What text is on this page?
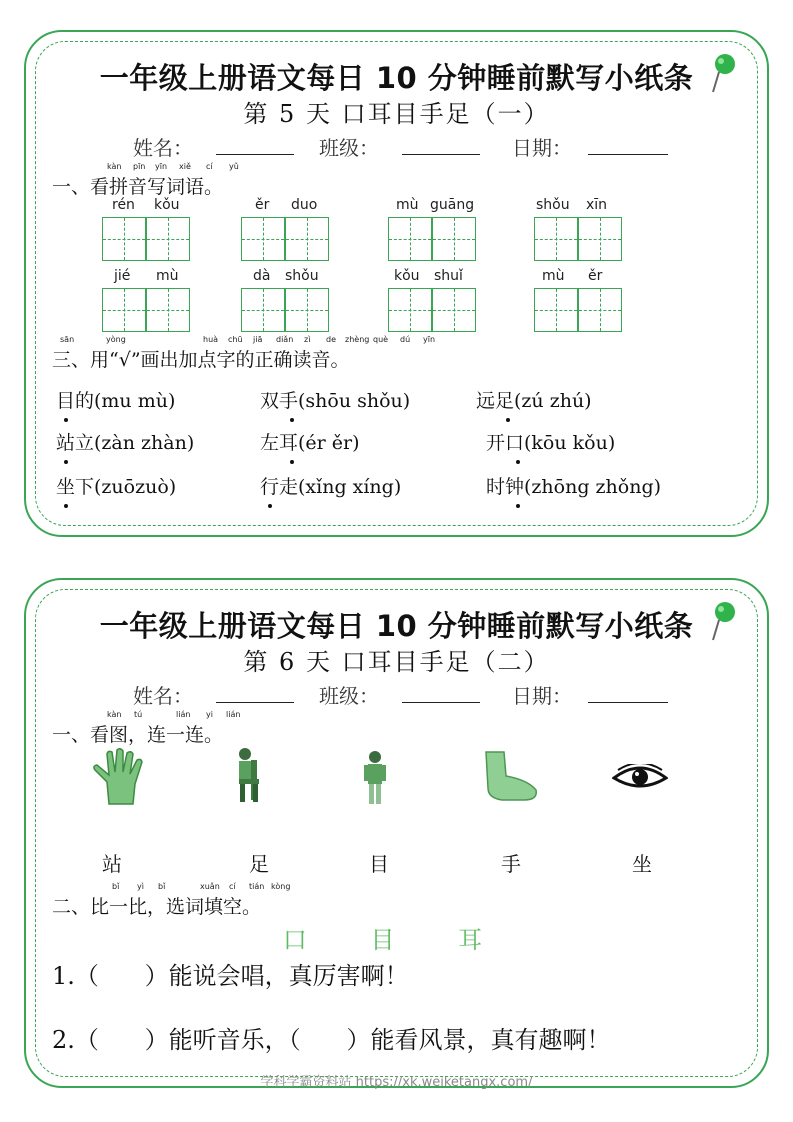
一年级上册语文每日 10 分钟睡前默写小纸条
第 5 天 口耳目手足（一）
姓名：	班级：	日期：
kàn pīn yīn xiě cí yǔ
一、看拼音写词语。
rén kǒu	ěr duo	mù guāng	shǒu xīn
jié mù	dà shǒu	kǒu shuǐ	mù ěr
sān	yòng	huà chū jiā diǎn zì de zhèng què dú yīn
三、用“√”画出加点字的正确读音。
目的(mu mù)	双手(shōu shǒu)	远足(zú zhú)
站立(zàn zhàn)	左耳(ér ěr)	开口(kōu kǒu)
坐下(zuōzuò)	行走(xǐng xíng)	时钟(zhōng zhǒng)
一年级上册语文每日 10 分钟睡前默写小纸条
第 6 天 口耳目手足（二）
姓名：	班级：	日期：
kàn tú	lián yi lián
一、看图，连一连。
站	足	目	手	坐
bǐ yì bǐ	xuǎn cí tián kòng
二、比一比，选词填空。
口 目 耳
1.（      ）能说会唱，真厉害啊！
2.（      ）能听音乐，（      ）能看风景，真有趣啊！
学科学霸资料站 https://xk.weiketangx.com/
